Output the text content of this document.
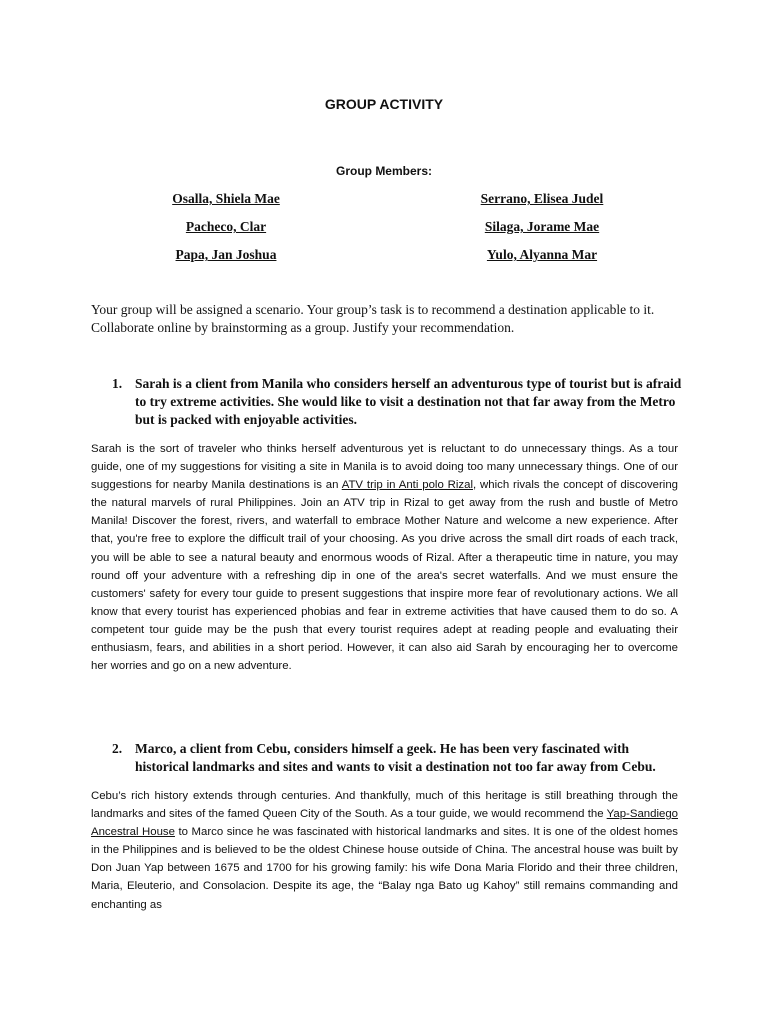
GROUP ACTIVITY
Group Members:
Osalla, Shiela Mae	Serrano, Elisea Judel
Pacheco, Clar	Silaga, Jorame Mae
Papa, Jan Joshua	Yulo, Alyanna Mar
Your group will be assigned a scenario. Your group’s task is to recommend a destination applicable to it. Collaborate online by brainstorming as a group. Justify your recommendation.
1. Sarah is a client from Manila who considers herself an adventurous type of tourist but is afraid to try extreme activities. She would like to visit a destination not that far away from the Metro but is packed with enjoyable activities.
Sarah is the sort of traveler who thinks herself adventurous yet is reluctant to do unnecessary things. As a tour guide, one of my suggestions for visiting a site in Manila is to avoid doing too many unnecessary things. One of our suggestions for nearby Manila destinations is an ATV trip in Anti polo Rizal, which rivals the concept of discovering the natural marvels of rural Philippines. Join an ATV trip in Rizal to get away from the rush and bustle of Metro Manila! Discover the forest, rivers, and waterfall to embrace Mother Nature and welcome a new experience. After that, you're free to explore the difficult trail of your choosing. As you drive across the small dirt roads of each track, you will be able to see a natural beauty and enormous woods of Rizal. After a therapeutic time in nature, you may round off your adventure with a refreshing dip in one of the area's secret waterfalls. And we must ensure the customers' safety for every tour guide to present suggestions that inspire more fear of revolutionary actions. We all know that every tourist has experienced phobias and fear in extreme activities that have caused them to do so. A competent tour guide may be the push that every tourist requires adept at reading people and evaluating their enthusiasm, fears, and abilities in a short period. However, it can also aid Sarah by encouraging her to overcome her worries and go on a new adventure.
2. Marco, a client from Cebu, considers himself a geek. He has been very fascinated with historical landmarks and sites and wants to visit a destination not too far away from Cebu.
Cebu’s rich history extends through centuries. And thankfully, much of this heritage is still breathing through the landmarks and sites of the famed Queen City of the South. As a tour guide, we would recommend the Yap-Sandiego Ancestral House to Marco since he was fascinated with historical landmarks and sites. It is one of the oldest homes in the Philippines and is believed to be the oldest Chinese house outside of China. The ancestral house was built by Don Juan Yap between 1675 and 1700 for his growing family: his wife Dona Maria Florido and their three children, Maria, Eleuterio, and Consolacion. Despite its age, the “Balay nga Bato ug Kahoy” still remains commanding and enchanting as
